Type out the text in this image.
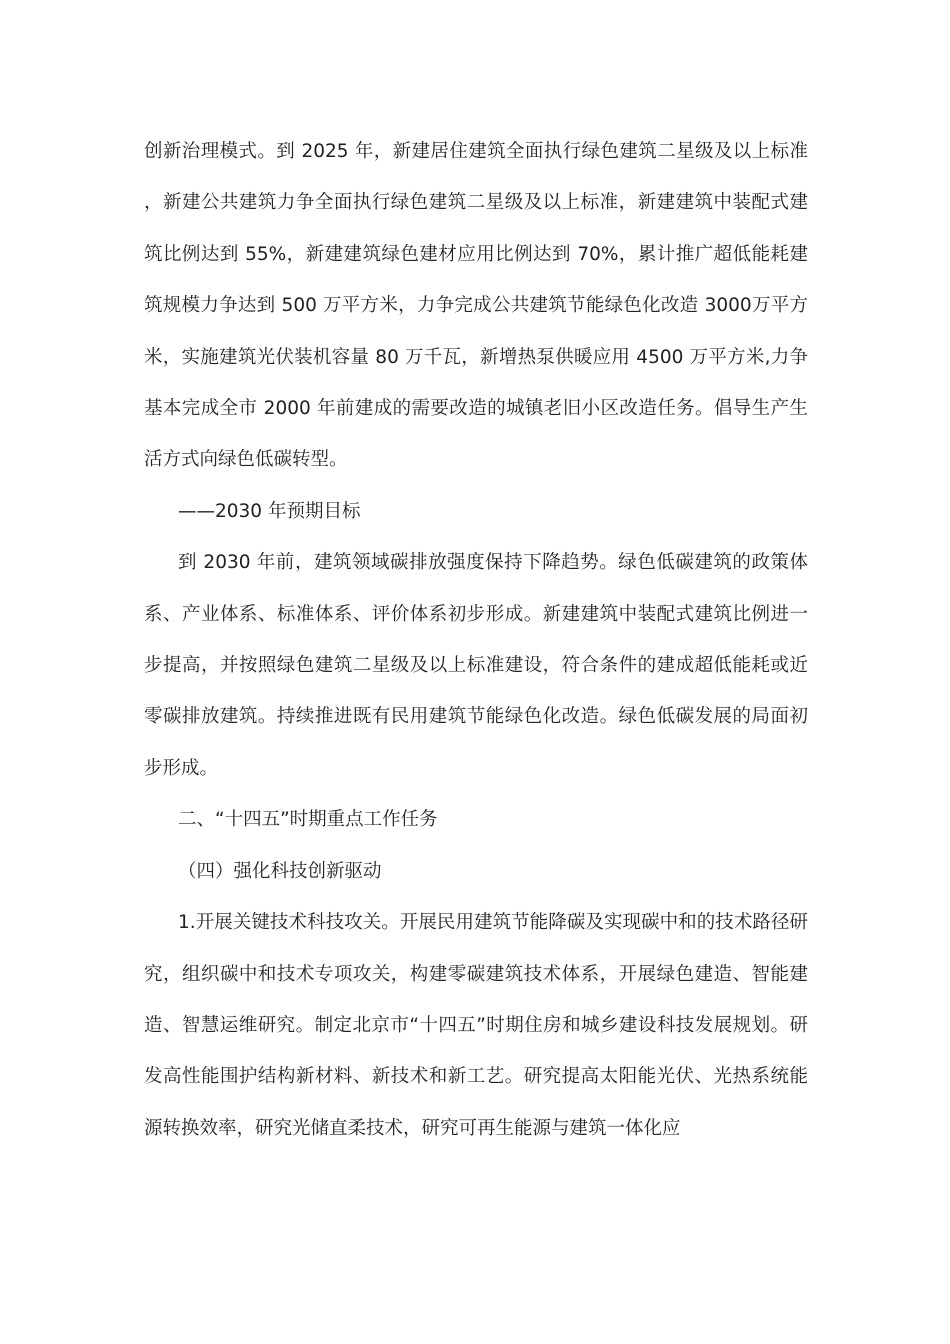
创新治理模式。到 2025 年，新建居住建筑全面执行绿色建筑二星级及以上标准，新建公共建筑力争全面执行绿色建筑二星级及以上标准，新建建筑中装配式建筑比例达到 55%，新建建筑绿色建材应用比例达到 70%，累计推广超低能耗建筑规模力争达到 500 万平方米，力争完成公共建筑节能绿色化改造 3000万平方米，实施建筑光伏装机容量 80 万千瓦，新增热泵供暖应用 4500 万平方米,力争基本完成全市 2000 年前建成的需要改造的城镇老旧小区改造任务。倡导生产生活方式向绿色低碳转型。

——2030 年预期目标

到 2030 年前，建筑领域碳排放强度保持下降趋势。绿色低碳建筑的政策体系、产业体系、标准体系、评价体系初步形成。新建建筑中装配式建筑比例进一步提高，并按照绿色建筑二星级及以上标准建设，符合条件的建成超低能耗或近零碳排放建筑。持续推进既有民用建筑节能绿色化改造。绿色低碳发展的局面初步形成。

二、“十四五”时期重点工作任务

（四）强化科技创新驱动

1.开展关键技术科技攻关。开展民用建筑节能降碳及实现碳中和的技术路径研究，组织碳中和技术专项攻关，构建零碳建筑技术体系，开展绿色建造、智能建造、智慧运维研究。制定北京市“十四五”时期住房和城乡建设科技发展规划。研发高性能围护结构新材料、新技术和新工艺。研究提高太阳能光伏、光热系统能源转换效率，研究光储直柔技术，研究可再生能源与建筑一体化应
